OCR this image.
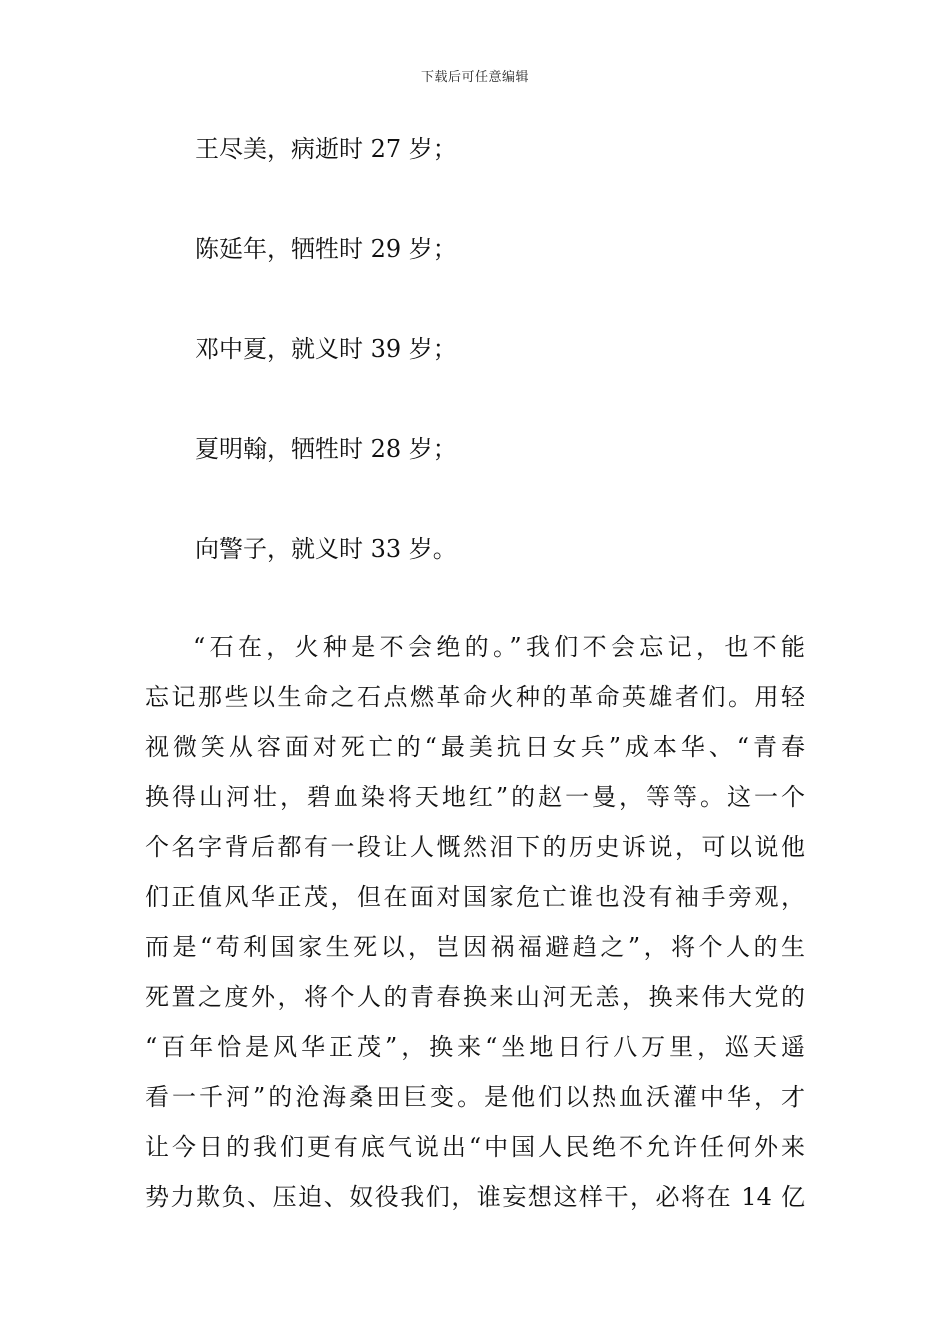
下载后可任意编辑
王尽美，病逝时 27 岁；
陈延年，牺牲时 29 岁；
邓中夏，就义时 39 岁；
夏明翰，牺牲时 28 岁；
向警子，就义时 33 岁。
“石在，火种是不会绝的。”我们不会忘记，也不能
忘记那些以生命之石点燃革命火种的革命英雄者们。用轻
视微笑从容面对死亡的“最美抗日女兵”成本华、“青春
换得山河壮，碧血染将天地红”的赵一曼，等等。这一个
个名字背后都有一段让人慨然泪下的历史诉说，可以说他
们正值风华正茂，但在面对国家危亡谁也没有袖手旁观，
而是“苟利国家生死以，岂因祸福避趋之”，将个人的生
死置之度外，将个人的青春换来山河无恙，换来伟大党的
“百年恰是风华正茂”，换来“坐地日行八万里，巡天遥
看一千河”的沧海桑田巨变。是他们以热血沃灌中华，才
让今日的我们更有底气说出“中国人民绝不允许任何外来
势力欺负、压迫、奴役我们，谁妄想这样干，必将在 14 亿
